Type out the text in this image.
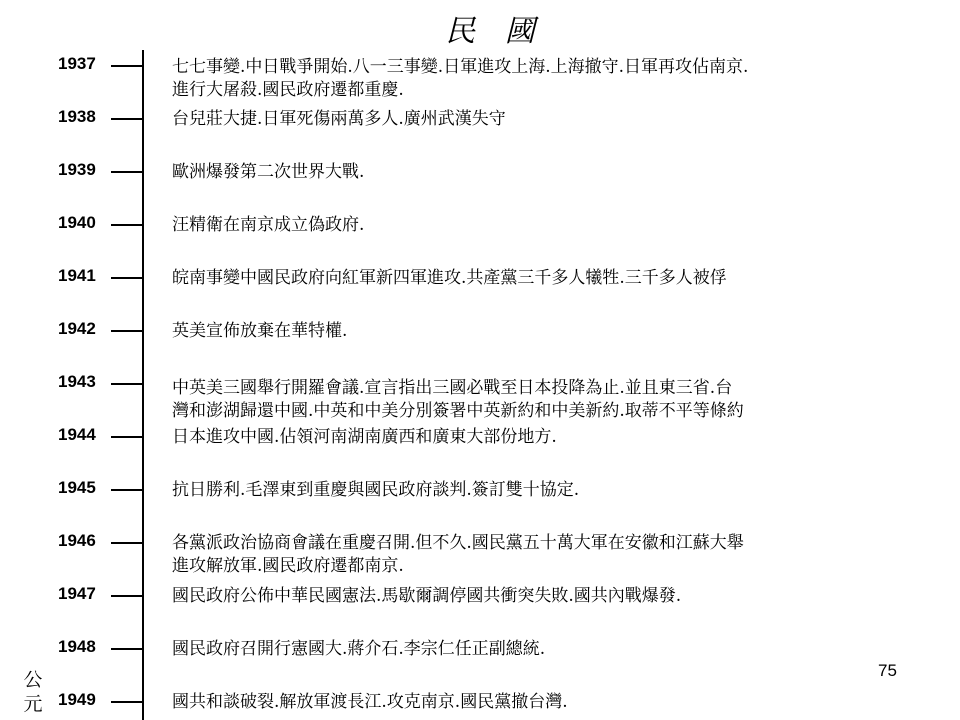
民 國
1937	七七事變.中日戰爭開始.八一三事變.日軍進攻上海.上海撤守.日軍再攻佔南京.
進行大屠殺.國民政府遷都重慶.
1938	台兒莊大捷.日軍死傷兩萬多人.廣州武漢失守
1939	歐洲爆發第二次世界大戰.
1940	汪精衛在南京成立偽政府.
1941	皖南事變中國民政府向紅軍新四軍進攻.共產黨三千多人犧牲.三千多人被俘
1942	英美宣佈放棄在華特權.
1943	中英美三國舉行開羅會議.宣言指出三國必戰至日本投降為止.並且東三省.台
灣和澎湖歸還中國.中英和中美分別簽署中英新約和中美新約.取蒂不平等條約
1944	日本進攻中國.佔領河南湖南廣西和廣東大部份地方.
1945	抗日勝利.毛澤東到重慶與國民政府談判.簽訂雙十協定.
1946	各黨派政治協商會議在重慶召開.但不久.國民黨五十萬大軍在安徽和江蘇大舉
進攻解放軍.國民政府遷都南京.
1947	國民政府公佈中華民國憲法.馬歇爾調停國共衝突失敗.國共內戰爆發.
1948	國民政府召開行憲國大.蔣介石.李宗仁任正副總統.
1949	國共和談破裂.解放軍渡長江.攻克南京.國民黨撤台灣.
75
公元
